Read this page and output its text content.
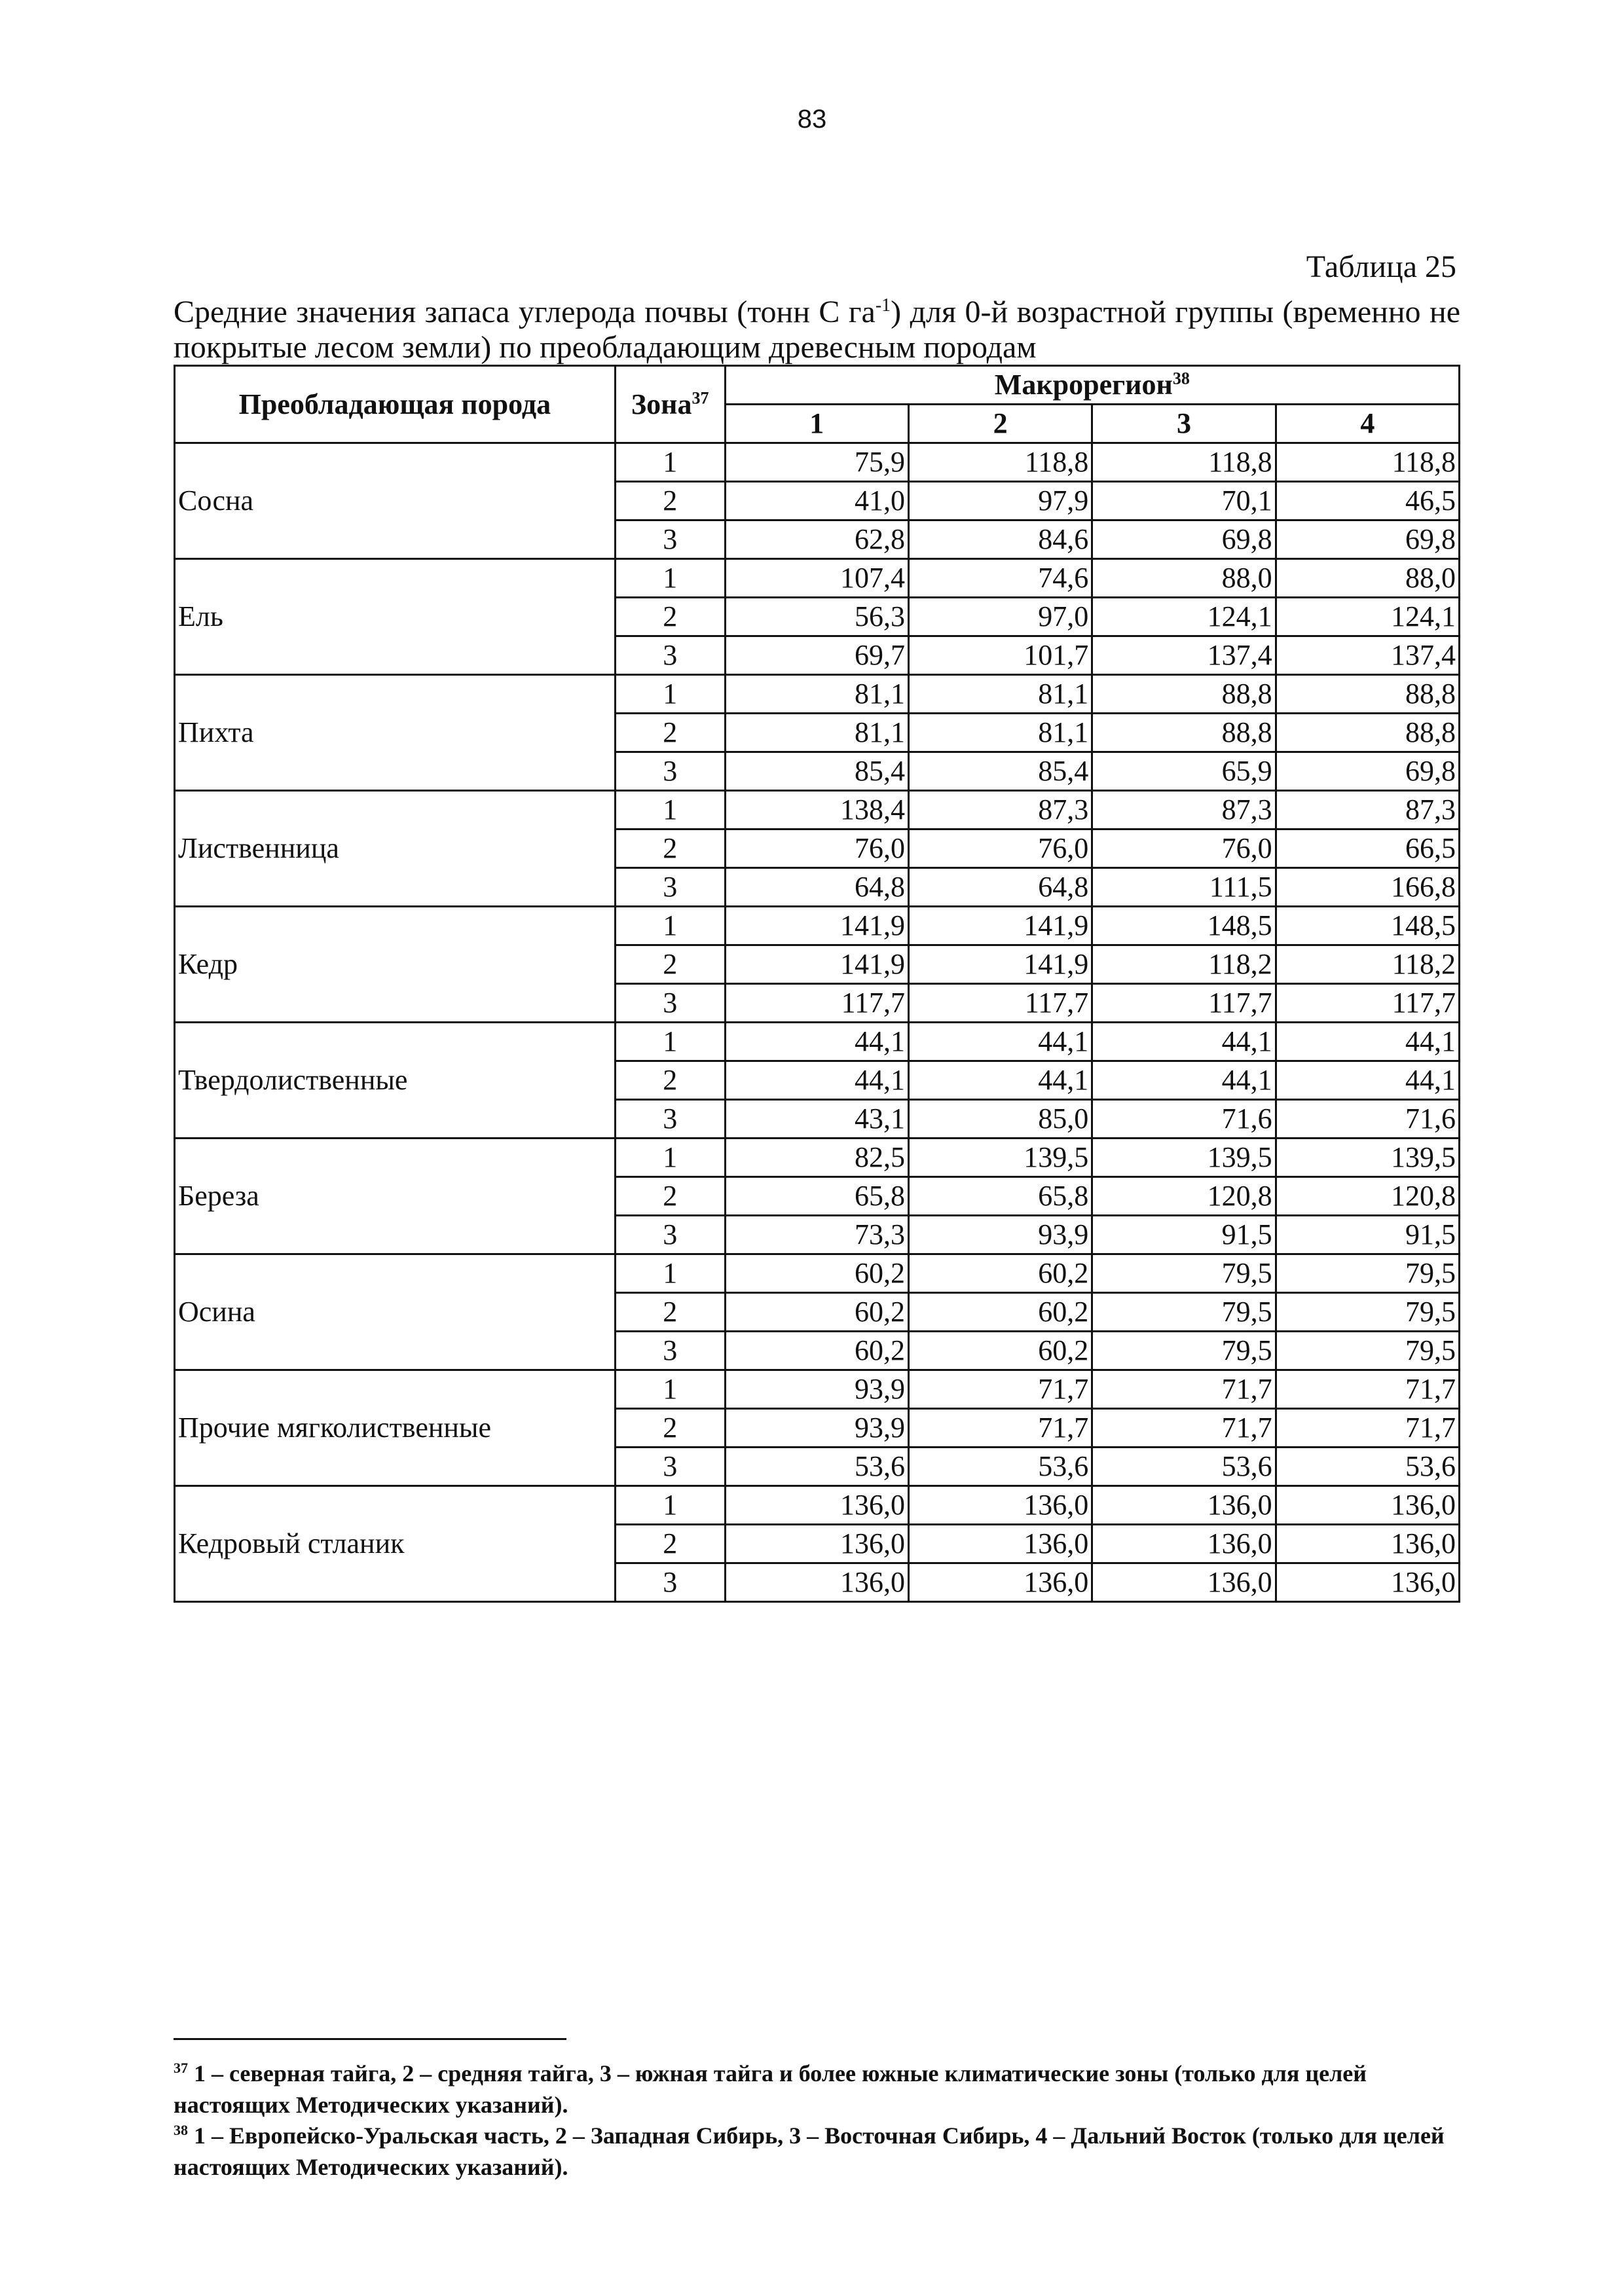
83
Таблица 25
Средние значения запаса углерода почвы (тонн С $га^{-1}$) для 0-й возрастной группы (временно не покрытые лесом земли) по преобладающим древесным породам
Преобладающая порода	Зона$^{37}$	Макрорегион$^{38}$
		1	2	3	4
Сосна	1	75,9	118,8	118,8	118,8
	2	41,0	97,9	70,1	46,5
	3	62,8	84,6	69,8	69,8
Ель	1	107,4	74,6	88,0	88,0
	2	56,3	97,0	124,1	124,1
	3	69,7	101,7	137,4	137,4
Пихта	1	81,1	81,1	88,8	88,8
	2	81,1	81,1	88,8	88,8
	3	85,4	85,4	65,9	69,8
Лиственница	1	138,4	87,3	87,3	87,3
	2	76,0	76,0	76,0	66,5
	3	64,8	64,8	111,5	166,8
Кедр	1	141,9	141,9	148,5	148,5
	2	141,9	141,9	118,2	118,2
	3	117,7	117,7	117,7	117,7
Твердолиственные	1	44,1	44,1	44,1	44,1
	2	44,1	44,1	44,1	44,1
	3	43,1	85,0	71,6	71,6
Береза	1	82,5	139,5	139,5	139,5
	2	65,8	65,8	120,8	120,8
	3	73,3	93,9	91,5	91,5
Осина	1	60,2	60,2	79,5	79,5
	2	60,2	60,2	79,5	79,5
	3	60,2	60,2	79,5	79,5
Прочие мягколиственные	1	93,9	71,7	71,7	71,7
	2	93,9	71,7	71,7	71,7
	3	53,6	53,6	53,6	53,6
Кедровый стланик	1	136,0	136,0	136,0	136,0
	2	136,0	136,0	136,0	136,0
	3	136,0	136,0	136,0	136,0
$^{37}$ 1 – северная тайга, 2 – средняя тайга, 3 – южная тайга и более южные климатические зоны (только для целей настоящих Методических указаний).
$^{38}$ 1 – Европейско-Уральская часть, 2 – Западная Сибирь, 3 – Восточная Сибирь, 4 – Дальний Восток (только для целей настоящих Методических указаний).
